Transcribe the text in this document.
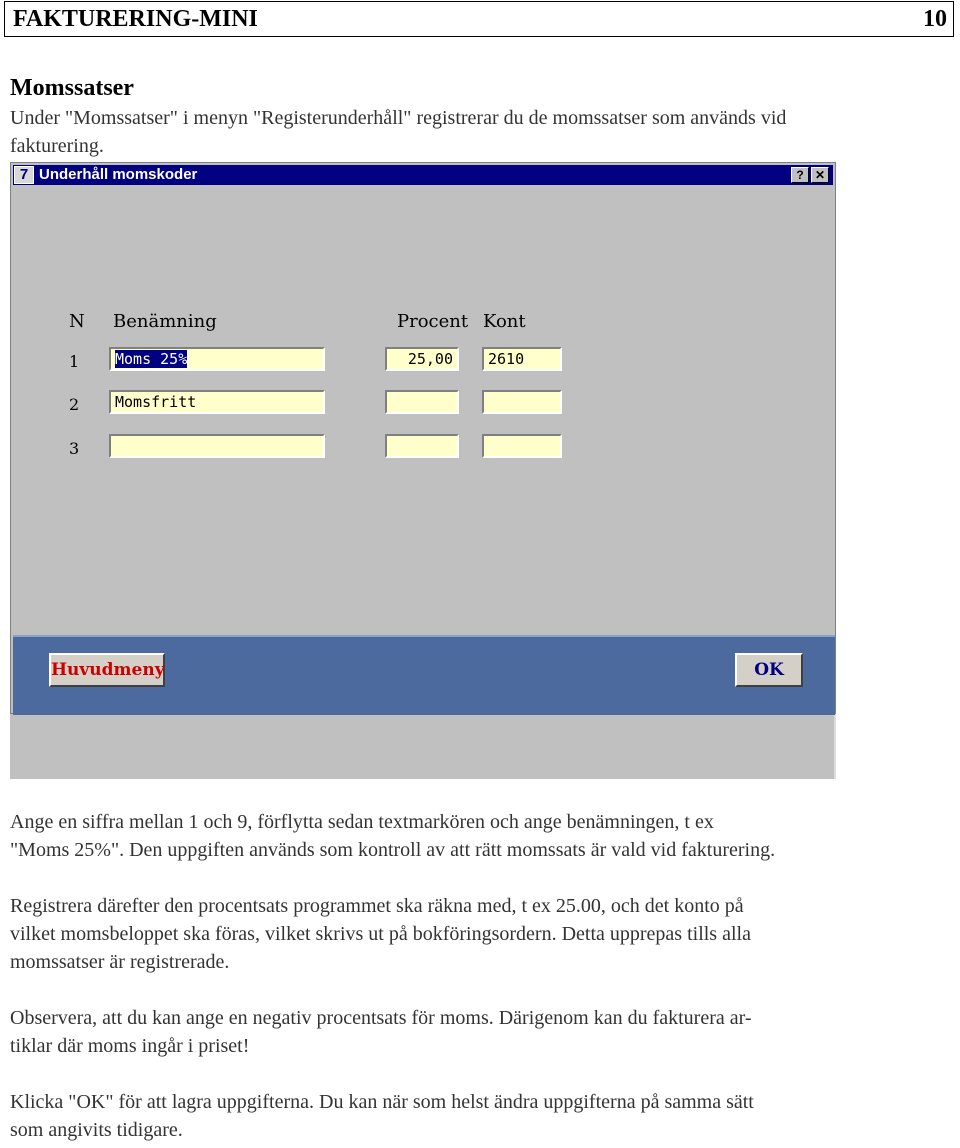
FAKTURERING-MINI	10
Momssatser
Under "Momssatser" i menyn "Registerunderhåll" registrerar du de momssatser som används vid
fakturering.
7 Underhåll momskoder	? ✕
N Benämning	Procent Kont
1	Moms 25%	25,00	2610
2	Momsfritt
3
Huvudmeny	OK
Ange en siffra mellan 1 och 9, förflytta sedan textmarkören och ange benämningen, t ex
"Moms 25%". Den uppgiften används som kontroll av att rätt momssats är vald vid fakturering.
Registrera därefter den procentsats programmet ska räkna med, t ex 25.00, och det konto på
vilket momsbeloppet ska föras, vilket skrivs ut på bokföringsordern. Detta upprepas tills alla
momssatser är registrerade.
Observera, att du kan ange en negativ procentsats för moms. Därigenom kan du fakturera ar-
tiklar där moms ingår i priset!
Klicka "OK" för att lagra uppgifterna. Du kan när som helst ändra uppgifterna på samma sätt
som angivits tidigare.
